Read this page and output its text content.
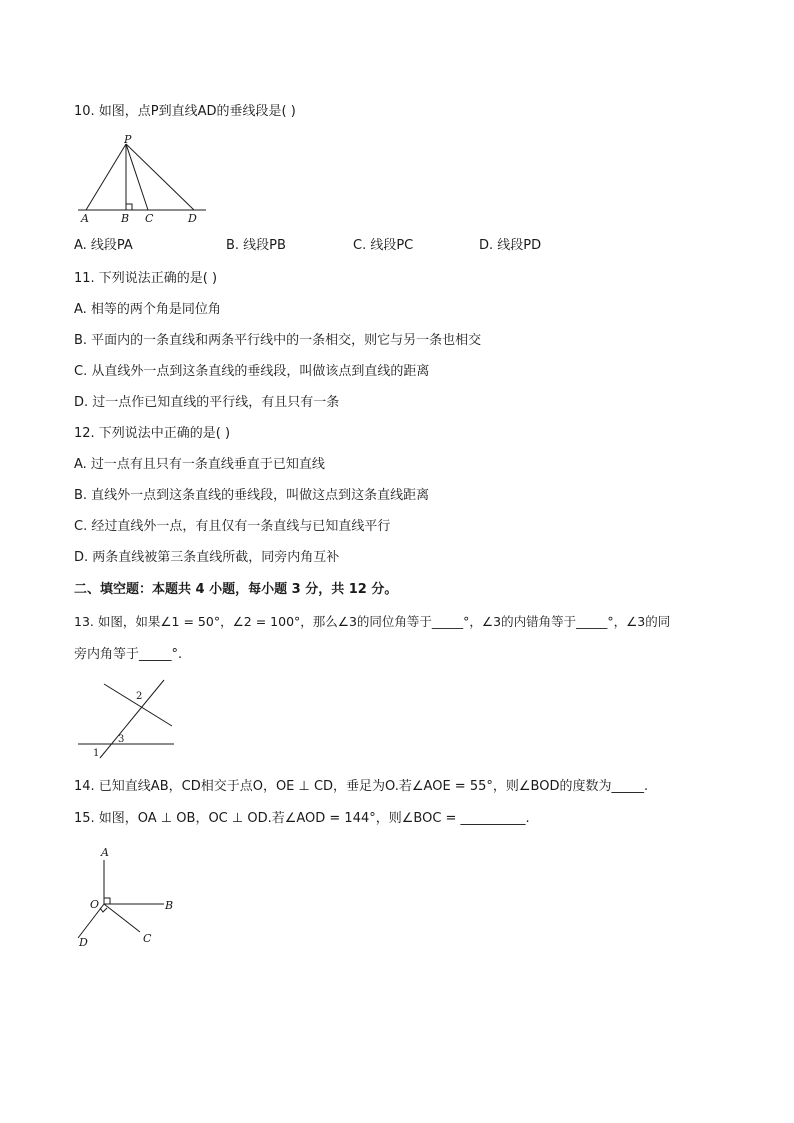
10. 如图，点P到直线AD的垂线段是( )
P
A	B C	D
A. 线段PA	B. 线段PB	C. 线段PC	D. 线段PD
11. 下列说法正确的是( )
A. 相等的两个角是同位角
B. 平面内的一条直线和两条平行线中的一条相交，则它与另一条也相交
C. 从直线外一点到这条直线的垂线段，叫做该点到直线的距离
D. 过一点作已知直线的平行线，有且只有一条
12. 下列说法中正确的是( )
A. 过一点有且只有一条直线垂直于已知直线
B. 直线外一点到这条直线的垂线段，叫做这点到这条直线距离
C. 经过直线外一点，有且仅有一条直线与已知直线平行
D. 两条直线被第三条直线所截，同旁内角互补
二、填空题：本题共 4 小题，每小题 3 分，共 12 分。
13. 如图，如果∠1 = 50°，∠2 = 100°，那么∠3的同位角等于_____°，∠3的内错角等于_____°，∠3的同
旁内角等于_____°.
2
1
3
14. 已知直线AB，CD相交于点O，OE ⊥ CD，垂足为O.若∠AOE = 55°，则∠BOD的度数为_____.
15. 如图，OA ⊥ OB，OC ⊥ OD.若∠AOD = 144°，则∠BOC = __________.
A
O	B
C
D
